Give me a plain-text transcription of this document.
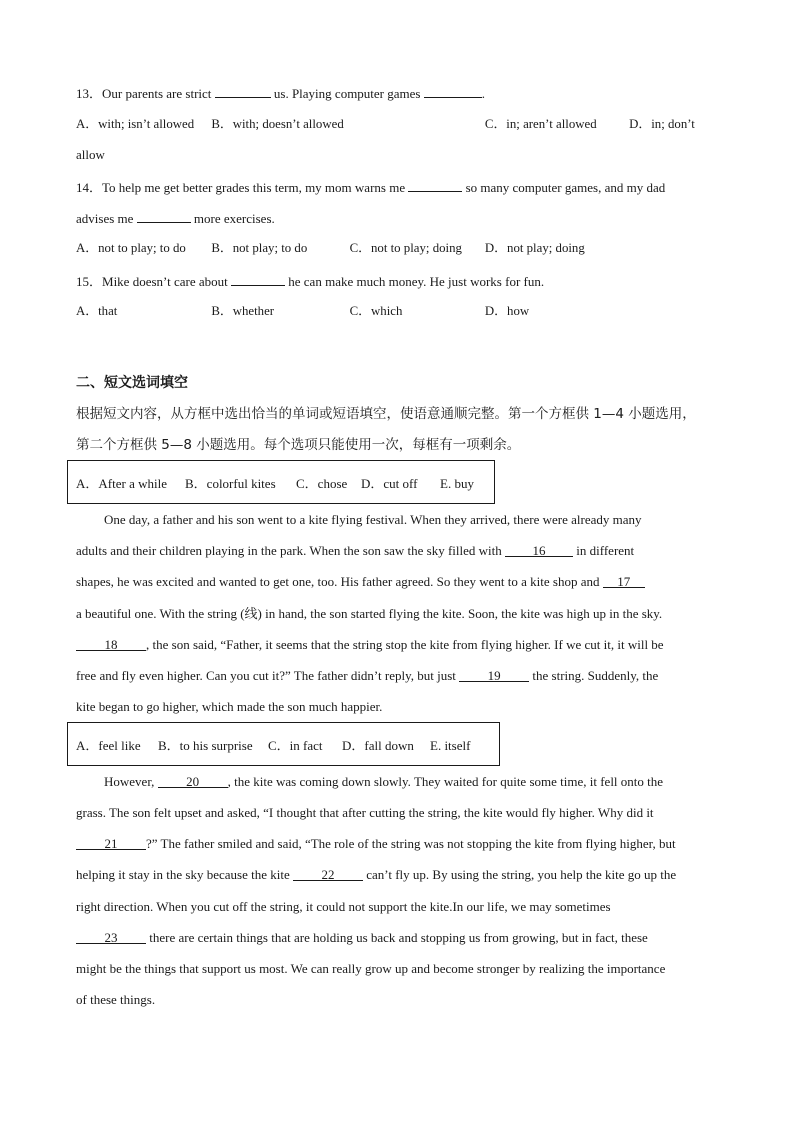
13．Our parents are strict	us. Playing computer games	.
A．with; isn’t allowed B．with; doesn’t allowed	C．in; aren’t allowed D．in; don’t
allow
14．To help me get better grades this term, my mom warns me	so many computer games, and my dad
advises me	more exercises.
A．not to play; to do B．not play; to do	C．not to play; doing D．not play; doing
15．Mike doesn’t care about	he can make much money. He just works for fun.
A．that	B．whether	C．which	D．how
二、短文选词填空
根据短文内容，从方框中选出恰当的单词或短语填空，使语意通顺完整。第一个方框供 1—4 小题选用，
第二个方框供 5—8 小题选用。每个选项只能使用一次，每框有一项剩余。
A．After a while B．colorful kites C．chose D．cut off E. buy
One day, a father and his son went to a kite flying festival. When they arrived, there were already many
adults and their children playing in the park. When the son saw the sky filled with 16 in different
shapes, he was excited and wanted to get one, too. His father agreed. So they went to a kite shop and 17
a beautiful one. With the string (线) in hand, the son started flying the kite. Soon, the kite was high up in the sky.
18 , the son said, “Father, it seems that the string stop the kite from flying higher. If we cut it, it will be
free and fly even higher. Can you cut it?” The father didn’t reply, but just 19 the string. Suddenly, the
kite began to go higher, which made the son much happier.
A．feel like B．to his surprise C．in fact D．fall down E. itself
However, 20 , the kite was coming down slowly. They waited for quite some time, it fell onto the
grass. The son felt upset and asked, “I thought that after cutting the string, the kite would fly higher. Why did it
21 ?” The father smiled and said, “The role of the string was not stopping the kite from flying higher, but
helping it stay in the sky because the kite 22 can’t fly up. By using the string, you help the kite go up the
right direction. When you cut off the string, it could not support the kite.In our life, we may sometimes
23 there are certain things that are holding us back and stopping us from growing, but in fact, these
might be the things that support us most. We can really grow up and become stronger by realizing the importance
of these things.
